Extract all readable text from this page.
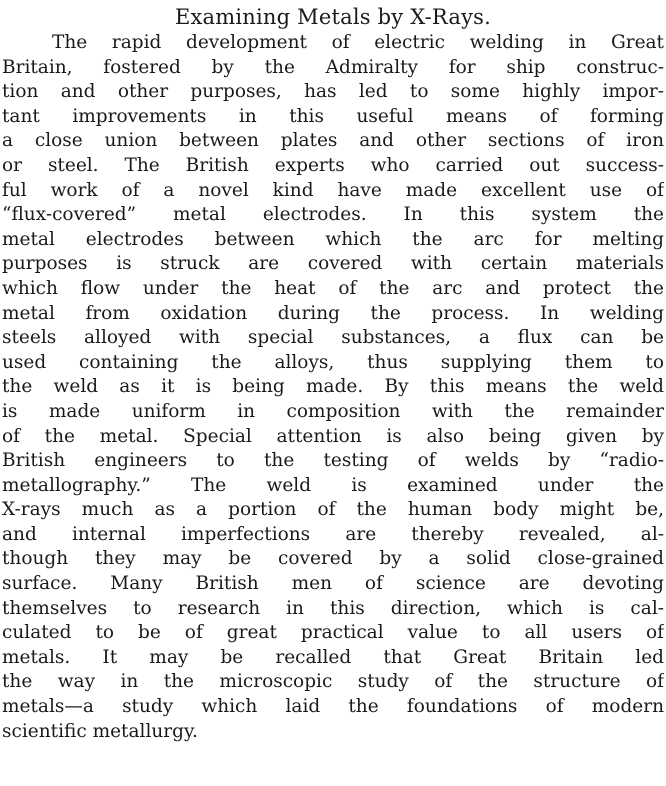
Examining Metals by X-Rays.
The rapid development of electric welding in Great
Britain, fostered by the Admiralty for ship construc-
tion and other purposes, has led to some highly impor-
tant improvements in this useful means of forming
a close union between plates and other sections of iron
or steel. The British experts who carried out success-
ful work of a novel kind have made excellent use of
“flux-covered” metal electrodes. In this system the
metal electrodes between which the arc for melting
purposes is struck are covered with certain materials
which flow under the heat of the arc and protect the
metal from oxidation during the process. In welding
steels alloyed with special substances, a flux can be
used containing the alloys, thus supplying them to
the weld as it is being made. By this means the weld
is made uniform in composition with the remainder
of the metal. Special attention is also being given by
British engineers to the testing of welds by “radio-
metallography.” The weld is examined under the
X-rays much as a portion of the human body might be,
and internal imperfections are thereby revealed, al-
though they may be covered by a solid close-grained
surface. Many British men of science are devoting
themselves to research in this direction, which is cal-
culated to be of great practical value to all users of
metals. It may be recalled that Great Britain led
the way in the microscopic study of the structure of
metals—a study which laid the foundations of modern
scientific metallurgy.
